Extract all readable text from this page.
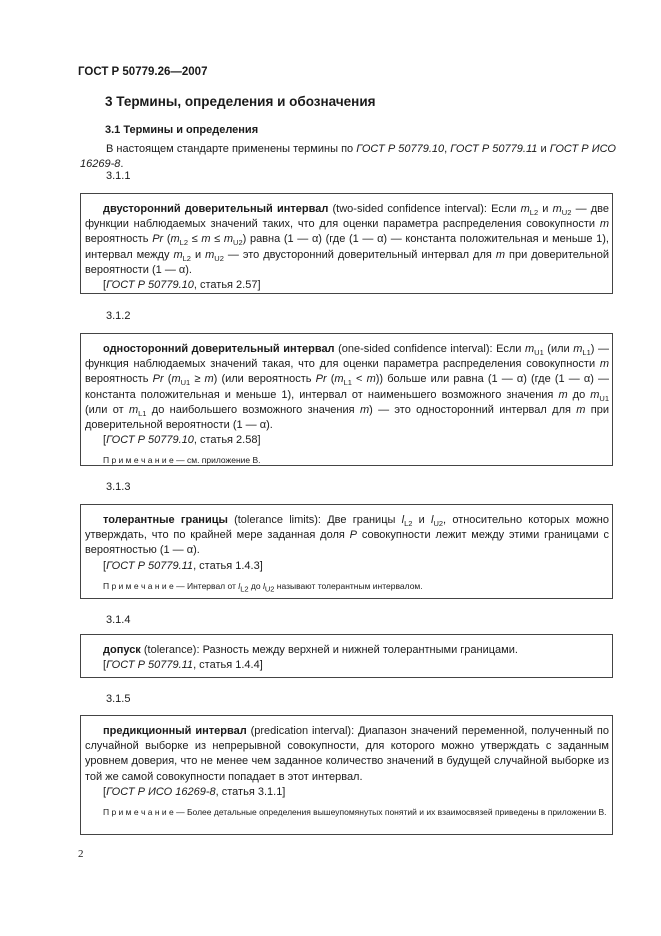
ГОСТ Р 50779.26—2007
3 Термины, определения и обозначения
3.1 Термины и определения
В настоящем стандарте применены термины по ГОСТ Р 50779.10, ГОСТ Р 50779.11 и ГОСТ Р ИСО 16269-8.
3.1.1

двусторонний доверительный интервал (two-sided confidence interval): Если $m_{L2}$ и $m_{U2}$ — две функции наблюдаемых значений таких, что для оценки параметра распределения совокупности m вероятность Pr $(m_{L2} \le m \le m_{U2})$ равна (1 — α) (где (1 — α) — константа положительная и меньше 1), интервал между $m_{L2}$ и $m_{U2}$ — это двусторонний доверительный интервал для m при доверительной вероятности (1 — α).

[ГОСТ Р 50779.10, статья 2.57]

3.1.2

односторонний доверительный интервал (one-sided confidence interval): Если $m_{U1}$ (или $m_{L1}$) — функция наблюдаемых значений такая, что для оценки параметра распределения совокупности m вероятность Pr $(m_{U1} \ge m)$ (или вероятность Pr $(m_{L1} < m)$) больше или равна (1 — α) (где (1 — α) — константа положительная и меньше 1), интервал от наименьшего возможного значения m до $m_{U1}$ (или от $m_{L1}$ до наибольшего возможного значения m) — это односторонний интервал для m при доверительной вероятности (1 — α).

[ГОСТ Р 50779.10, статья 2.58]

П р и м е ч а н и е — см. приложение В.

3.1.3

толерантные границы (tolerance limits): Две границы $l_{L2}$ и $l_{U2}$, относительно которых можно утверждать, что по крайней мере заданная доля P совокупности лежит между этими границами с вероятностью (1 — α).

[ГОСТ Р 50779.11, статья 1.4.3]

П р и м е ч а н и е — Интервал от $l_{L2}$ до $l_{U2}$ называют толерантным интервалом.

3.1.4

допуск (tolerance): Разность между верхней и нижней толерантными границами.

[ГОСТ Р 50779.11, статья 1.4.4]

3.1.5

предикционный интервал (predication interval): Диапазон значений переменной, полученный по случайной выборке из непрерывной совокупности, для которого можно утверждать с заданным уровнем доверия, что не менее чем заданное количество значений в будущей случайной выборке из той же самой совокупности попадает в этот интервал.

[ГОСТ Р ИСО 16269-8, статья 3.1.1]

П р и м е ч а н и е — Более детальные определения вышеупомянутых понятий и их взаимосвязей приведены в приложении В.

2
